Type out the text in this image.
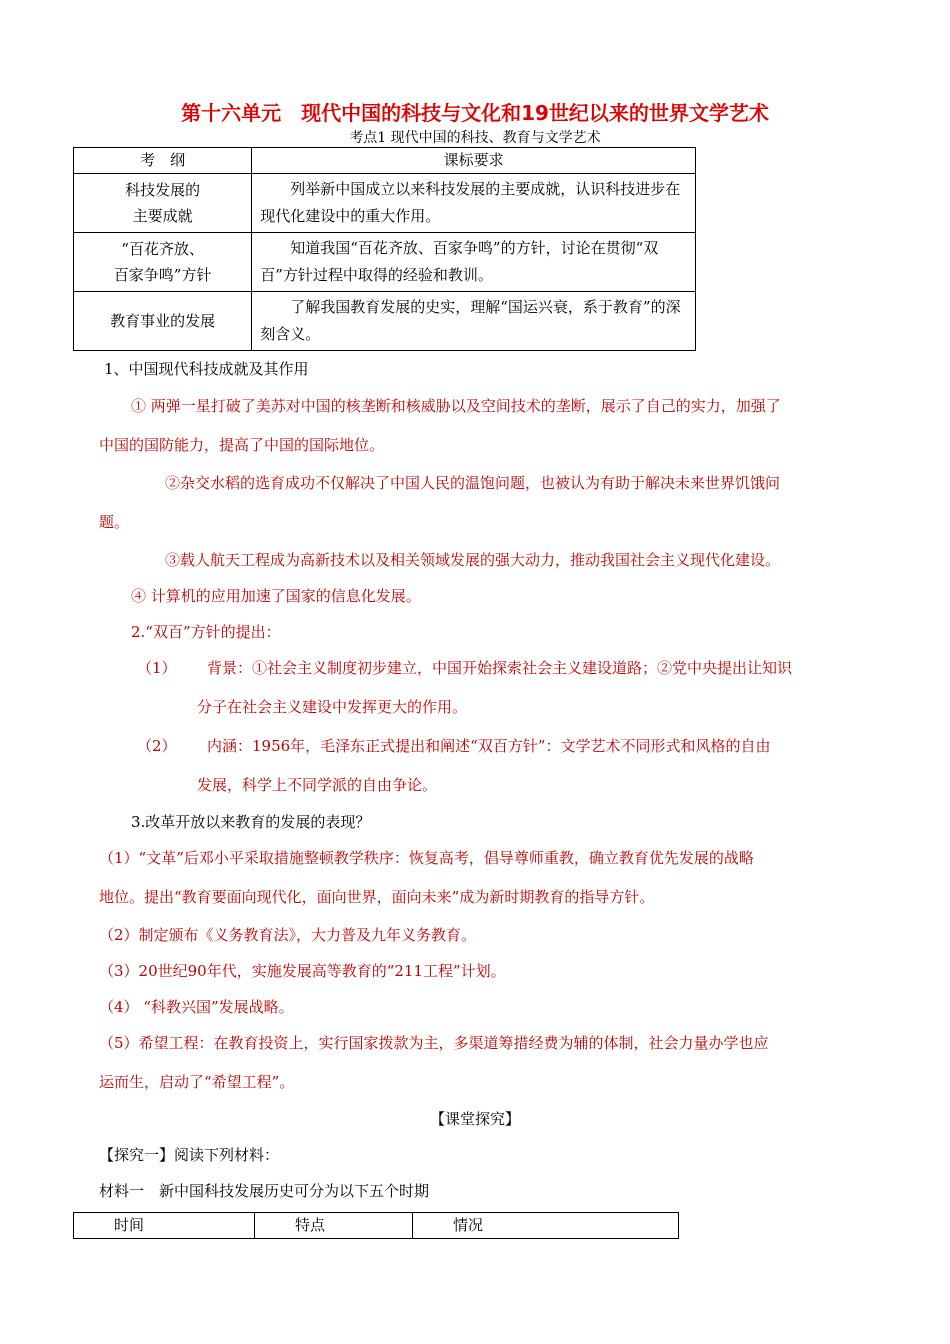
第十六单元　现代中国的科技与文化和19世纪以来的世界文学艺术
考点1 现代中国的科技、教育与文学艺术
考　纲	课标要求

科技发展的
主要成就	列举新中国成立以来科技发展的主要成就，认识科技进步在现代化建设中的重大作用。

“百花齐放、
百家争鸣”方针	知道我国“百花齐放、百家争鸣”的方针，讨论在贯彻“双百”方针过程中取得的经验和教训。

教育事业的发展	了解我国教育发展的史实，理解“国运兴衰，系于教育”的深刻含义。
1、中国现代科技成就及其作用
① 两弹一星打破了美苏对中国的核垄断和核威胁以及空间技术的垄断，展示了自己的实力，加强了
中国的国防能力，提高了中国的国际地位。
②杂交水稻的选育成功不仅解决了中国人民的温饱问题，也被认为有助于解决未来世界饥饿问
题。
③载人航天工程成为高新技术以及相关领域发展的强大动力，推动我国社会主义现代化建设。
④ 计算机的应用加速了国家的信息化发展。
2.“双百”方针的提出：
（1） 背景：①社会主义制度初步建立，中国开始探索社会主义建设道路；②党中央提出让知识
分子在社会主义建设中发挥更大的作用。
（2） 内涵：1956年，毛泽东正式提出和阐述“双百方针”：文学艺术不同形式和风格的自由
发展，科学上不同学派的自由争论。
3.改革开放以来教育的发展的表现？
（1）“文革”后邓小平采取措施整顿教学秩序：恢复高考，倡导尊师重教，确立教育优先发展的战略
地位。提出“教育要面向现代化，面向世界，面向未来”成为新时期教育的指导方针。
（2）制定颁布《义务教育法》，大力普及九年义务教育。
（3）20世纪90年代，实施发展高等教育的“211工程”计划。
（4） “科教兴国”发展战略。
（5）希望工程：在教育投资上，实行国家拨款为主，多渠道筹措经费为辅的体制，社会力量办学也应
运而生，启动了“希望工程”。
【课堂探究】
【探究一】阅读下列材料：
材料一　新中国科技发展历史可分为以下五个时期
时间	特点	情况
